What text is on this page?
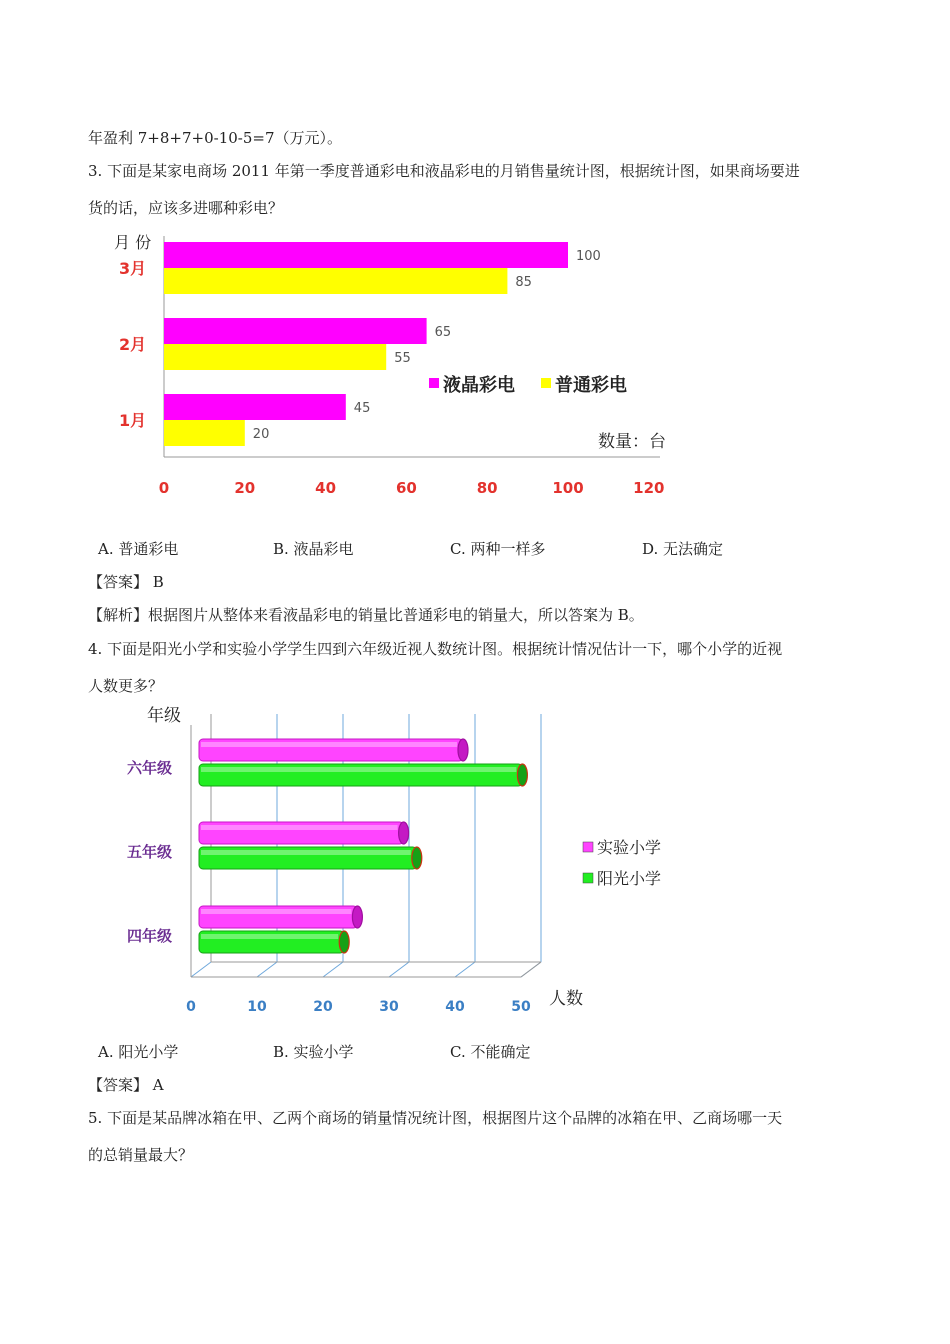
年盈利 7+8+7+0-10-5=7（万元）。
3. 下面是某家电商场 2011 年第一季度普通彩电和液晶彩电的月销售量统计图，根据统计图，如果商场要进
货的话，应该多进哪种彩电？
月 份
3月
100
85
2月
65
55
1月
45
20
0	20	40	60	80	100	120
液晶彩电 普通彩电
数量：台
A. 普通彩电	B. 液晶彩电	C. 两种一样多	D. 无法确定
【答案】 B
【解析】根据图片从整体来看液晶彩电的销量比普通彩电的销量大，所以答案为 B。
4. 下面是阳光小学和实验小学学生四到六年级近视人数统计图。根据统计情况估计一下，哪个小学的近视
人数更多？
年级
六年级
五年级
四年级
0	10	20	30	40	50 人数
实验小学
阳光小学
A. 阳光小学	B. 实验小学	C. 不能确定
【答案】 A
5. 下面是某品牌冰箱在甲、乙两个商场的销量情况统计图，根据图片这个品牌的冰箱在甲、乙商场哪一天
的总销量最大？
